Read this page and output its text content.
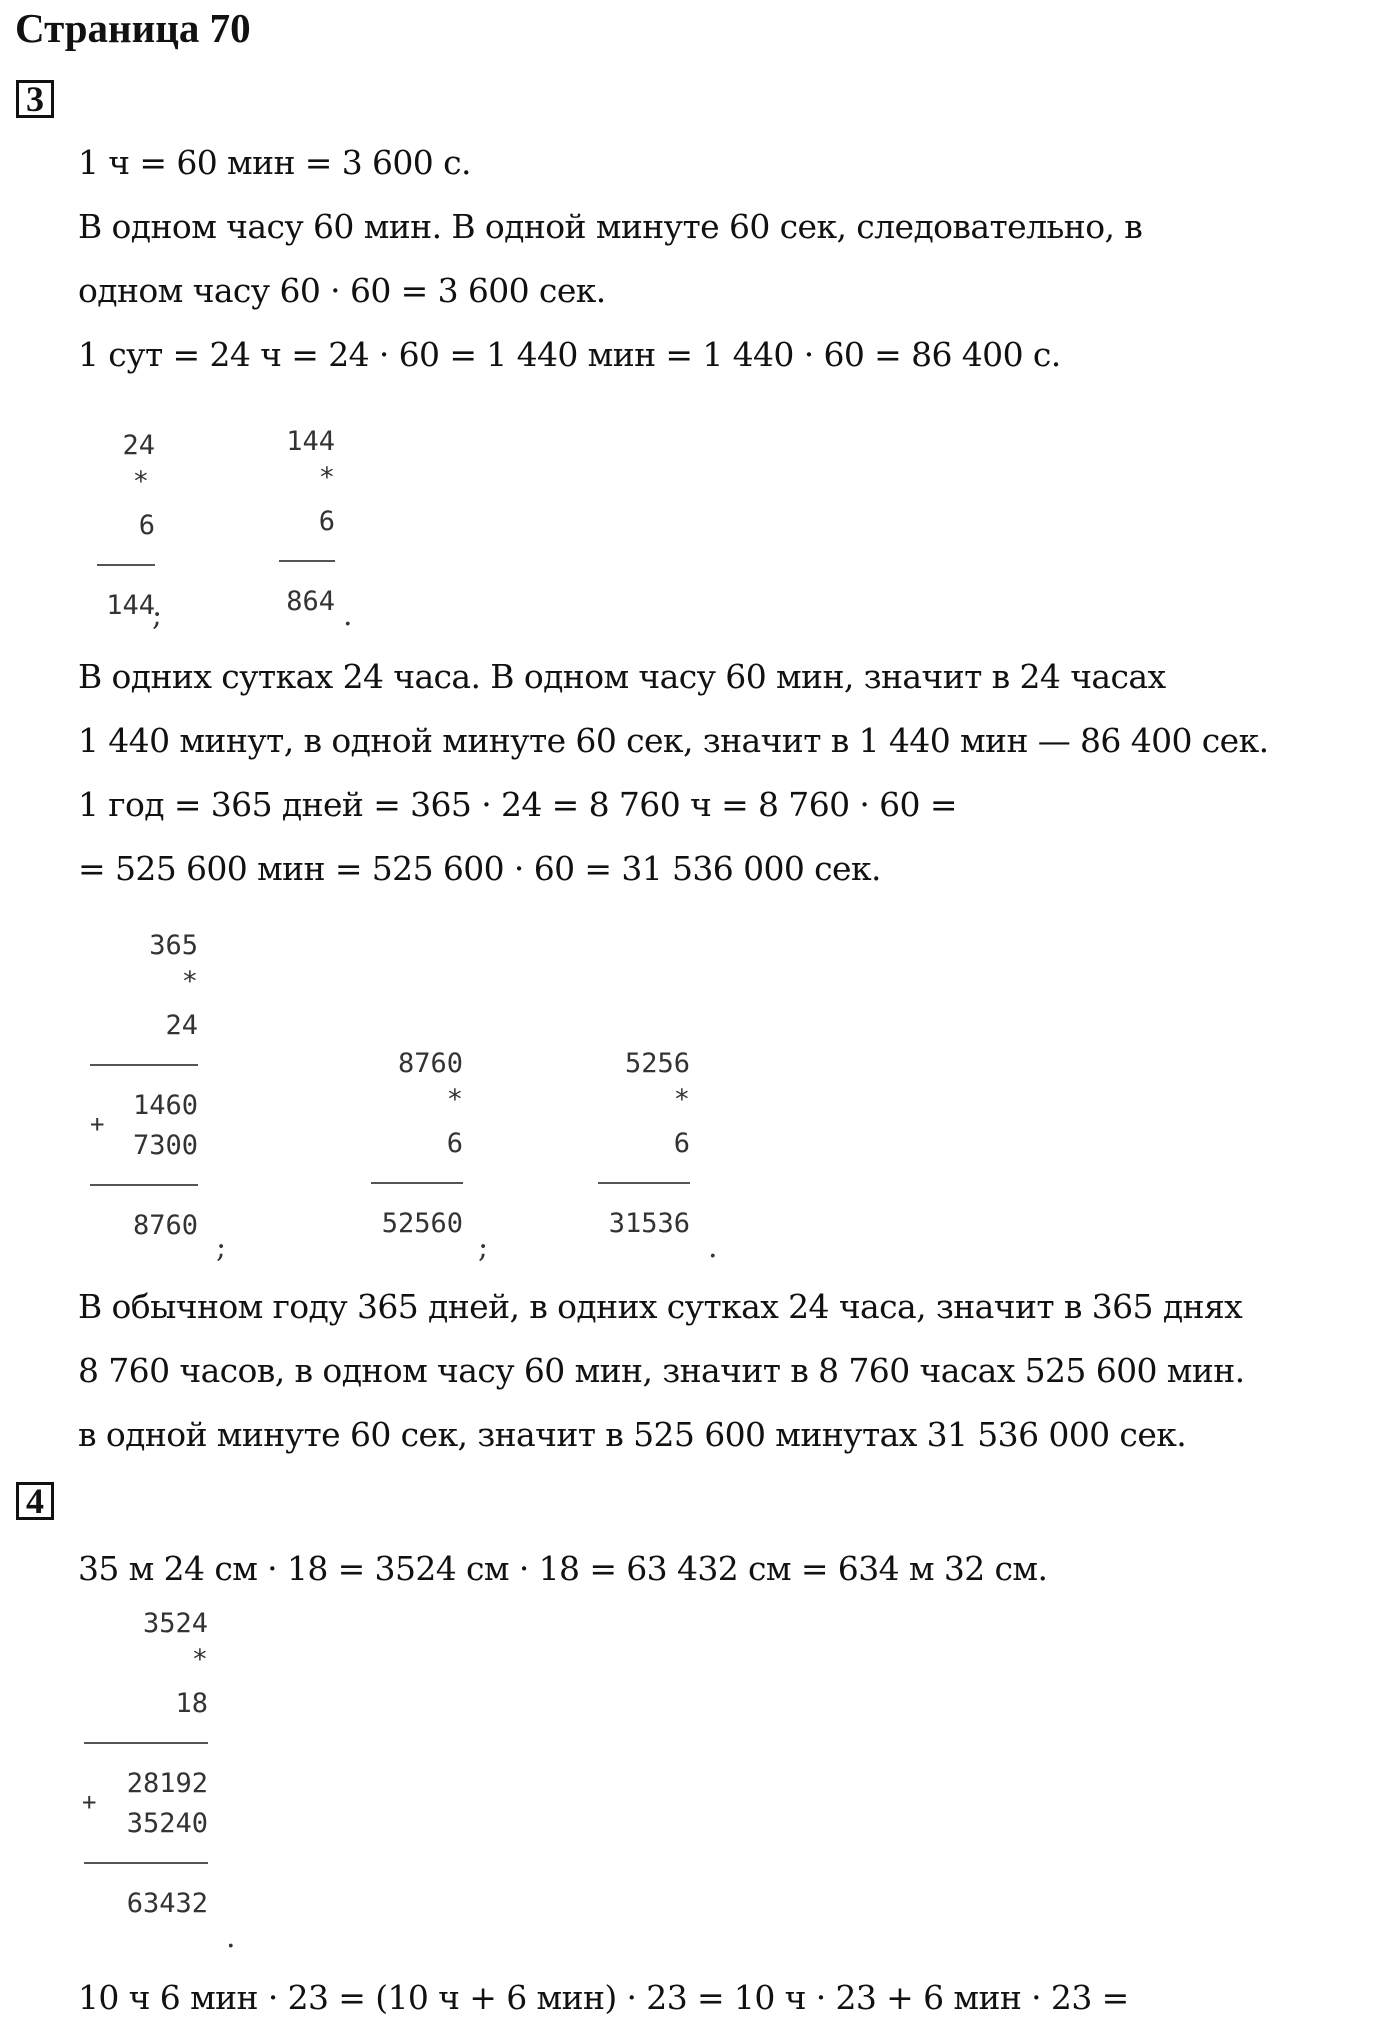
Страница 70
3
1 ч = 60 мин = 3 600 с.
В одном часу 60 мин. В одной минуте 60 сек, следовательно, в
одном часу 60 · 60 = 3 600 сек.
1 сут = 24 ч = 24 · 60 = 1 440 мин = 1 440 · 60 = 86 400 с.
24
*
6
144
;
144
*
6
864 .
В одних сутках 24 часа. В одном часу 60 мин, значит в 24 часах
1 440 минут, в одной минуте 60 сек, значит в 1 440 мин — 86 400 сек.
1 год = 365 дней = 365 · 24 = 8 760 ч = 8 760 · 60 =
= 525 600 мин = 525 600 · 60 = 31 536 000 сек.
365
*
24
1460
+
7300
8760
;
8760
*
6
52560
;
5256
*
6
31536
.
В обычном году 365 дней, в одних сутках 24 часа, значит в 365 днях
8 760 часов, в одном часу 60 мин, значит в 8 760 часах 525 600 мин.
в одной минуте 60 сек, значит в 525 600 минутах 31 536 000 сек.
4
35 м 24 см · 18 = 3524 см · 18 = 63 432 см = 634 м 32 см.
3524
*
18
28192
+
35240
63432
.
10 ч 6 мин · 23 = (10 ч + 6 мин) · 23 = 10 ч · 23 + 6 мин · 23 =
